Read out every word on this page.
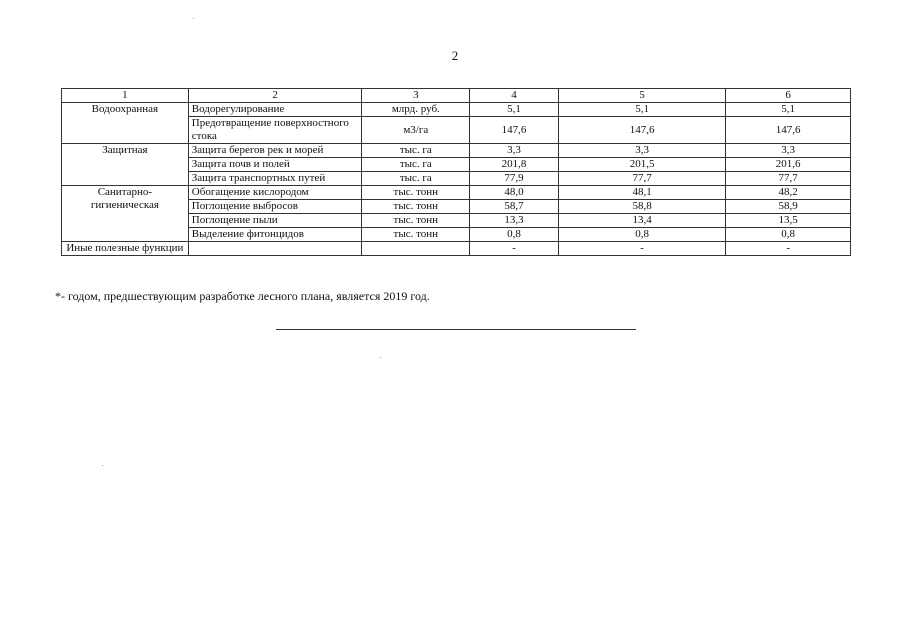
2
1	2	3	4	5	6
Водоохранная	Водорегулирование	млрд. руб.	5,1	5,1	5,1
	Предотвращение поверхностного стока	м3/га	147,6	147,6	147,6
Защитная	Защита берегов рек и морей	тыс. га	3,3	3,3	3,3
	Защита почв и полей	тыс. га	201,8	201,5	201,6
	Защита транспортных путей	тыс. га	77,9	77,7	77,7
Санитарно-гигиеническая	Обогащение кислородом	тыс. тонн	48,0	48,1	48,2
	Поглощение выбросов	тыс. тонн	58,7	58,8	58,9
	Поглощение пыли	тыс. тонн	13,3	13,4	13,5
	Выделение фитонцидов	тыс. тонн	0,8	0,8	0,8
Иные полезные функции			-	-	-
*- годом, предшествующим разработке лесного плана, является 2019 год.
